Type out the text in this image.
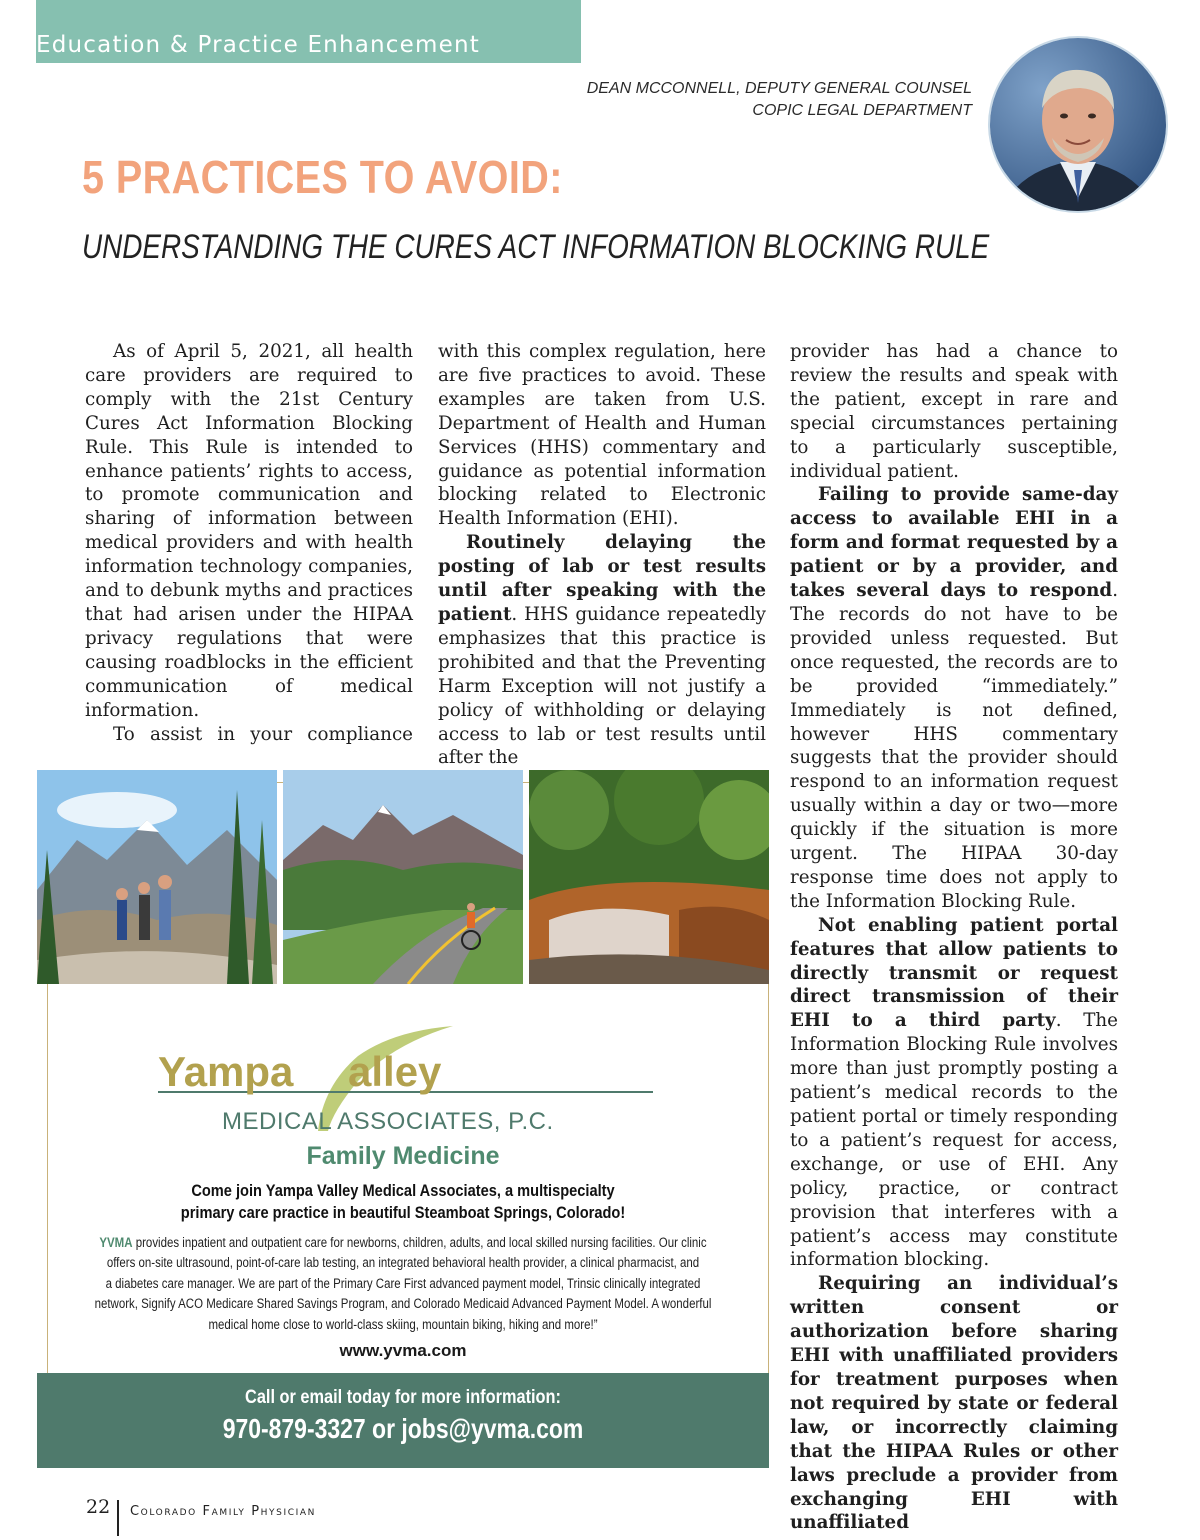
Education & Practice Enhancement
DEAN MCCONNELL, DEPUTY GENERAL COUNSEL
COPIC LEGAL DEPARTMENT
5 PRACTICES TO AVOID:
UNDERSTANDING THE CURES ACT INFORMATION BLOCKING RULE

As of April 5, 2021, all health care providers are required to comply with the 21st Century Cures Act Information Blocking Rule. This Rule is intended to enhance patients’ rights to access, to promote communication and sharing of information between medical providers and with health information technology companies, and to debunk myths and practices that had arisen under the HIPAA privacy regulations that were causing roadblocks in the efficient communication of medical information.

To assist in your compliance

with this complex regulation, here are five practices to avoid. These examples are taken from U.S. Department of Health and Human Services (HHS) commentary and guidance as potential information blocking related to Electronic Health Information (EHI).

Routinely delaying the posting of lab or test results until after speaking with the patient. HHS guidance repeatedly emphasizes that this practice is prohibited and that the Preventing Harm Exception will not justify a policy of withholding or delaying access to lab or test results until after the

provider has had a chance to review the results and speak with the patient, except in rare and special circumstances pertaining to a particularly susceptible, individual patient.

Failing to provide same-day access to available EHI in a form and format requested by a patient or by a provider, and takes several days to respond. The records do not have to be provided unless requested. But once requested, the records are to be provided “immediately.” Immediately is not defined, however HHS commentary suggests that the provider should respond to an information request usually within a day or two—more quickly if the situation is more urgent. The HIPAA 30-day response time does not apply to the Information Blocking Rule.

Not enabling patient portal features that allow patients to directly transmit or request direct transmission of their EHI to a third party. The Information Blocking Rule involves more than just promptly posting a patient’s medical records to the patient portal or timely responding to a patient’s request for access, exchange, or use of EHI. Any policy, practice, or contract provision that interferes with a patient’s access may constitute information blocking.

Requiring an individual’s written consent or authorization before sharing EHI with unaffiliated providers for treatment purposes when not required by state or federal law, or incorrectly claiming that the HIPAA Rules or other laws preclude a provider from exchanging EHI with unaffiliated

Yampa alley
MEDICAL ASSOCIATES, P.C.
Family Medicine
Come join Yampa Valley Medical Associates, a multispecialty
primary care practice in beautiful Steamboat Springs, Colorado!
YVMA provides inpatient and outpatient care for newborns, children, adults, and local skilled nursing facilities. Our clinic
offers on-site ultrasound, point-of-care lab testing, an integrated behavioral health provider, a clinical pharmacist, and
a diabetes care manager. We are part of the Primary Care First advanced payment model, Trinsic clinically integrated
network, Signify ACO Medicare Shared Savings Program, and Colorado Medicaid Advanced Payment Model. A wonderful
medical home close to world-class skiing, mountain biking, hiking and more!”
www.yvma.com
Call or email today for more information:
970-879-3327 or jobs@yvma.com
22 Colorado Family Physician
